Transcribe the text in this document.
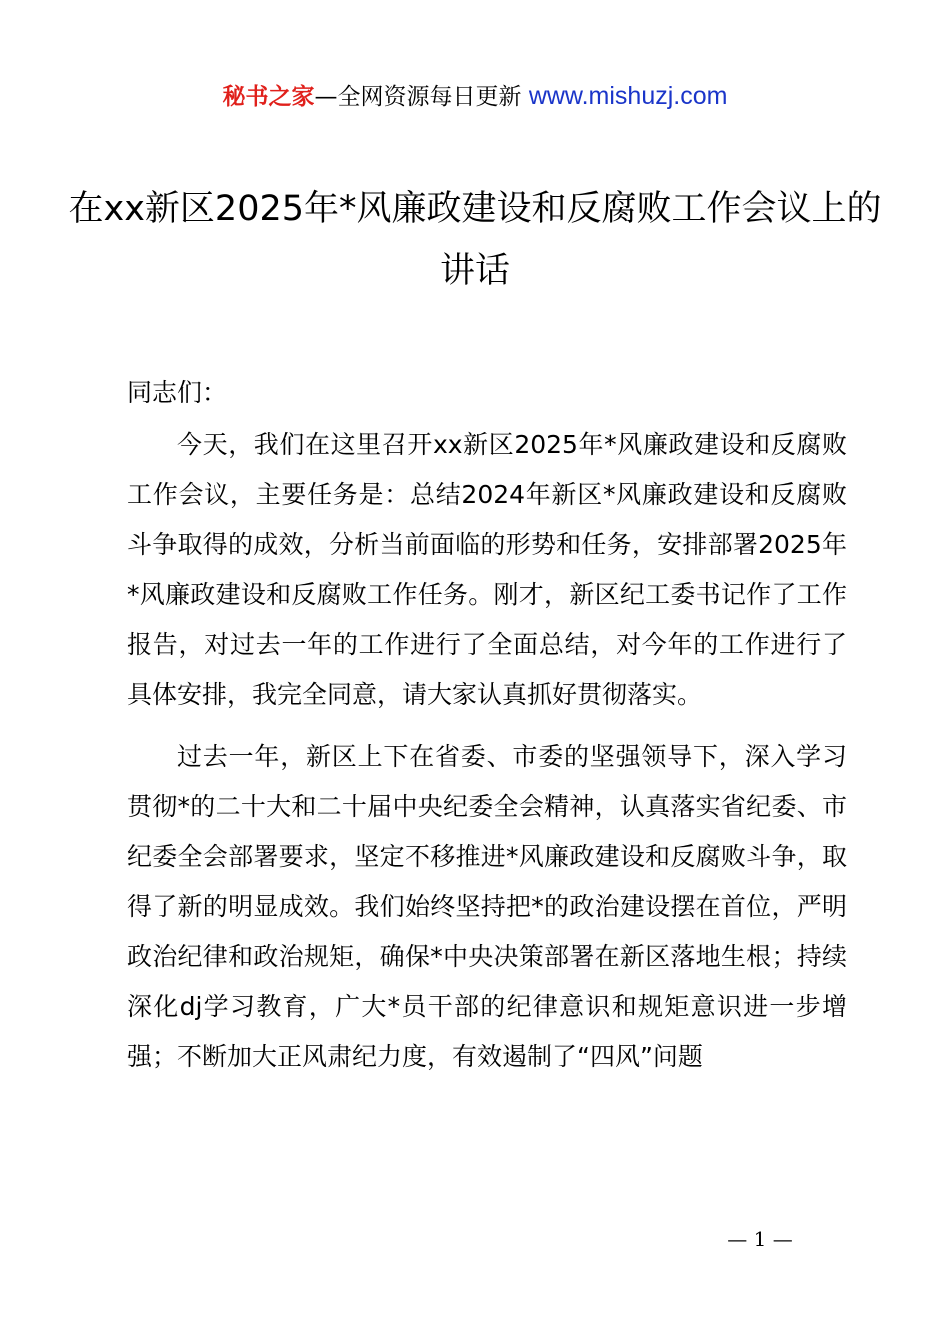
秘书之家—全网资源每日更新 www.mishuzj.com
在xx新区2025年*风廉政建设和反腐败工作会议上的讲话

同志们：

今天，我们在这里召开xx新区2025年*风廉政建设和反腐败工作会议，主要任务是：总结2024年新区*风廉政建设和反腐败斗争取得的成效，分析当前面临的形势和任务，安排部署2025年*风廉政建设和反腐败工作任务。刚才，新区纪工委书记作了工作报告，对过去一年的工作进行了全面总结，对今年的工作进行了具体安排，我完全同意，请大家认真抓好贯彻落实。

过去一年，新区上下在省委、市委的坚强领导下，深入学习贯彻*的二十大和二十届中央纪委全会精神，认真落实省纪委、市纪委全会部署要求，坚定不移推进*风廉政建设和反腐败斗争，取得了新的明显成效。我们始终坚持把*的政治建设摆在首位，严明政治纪律和政治规矩，确保*中央决策部署在新区落地生根；持续深化dj学习教育，广大*员干部的纪律意识和规矩意识进一步增强；不断加大正风肃纪力度，有效遏制了“四风”问题

— 1 —
